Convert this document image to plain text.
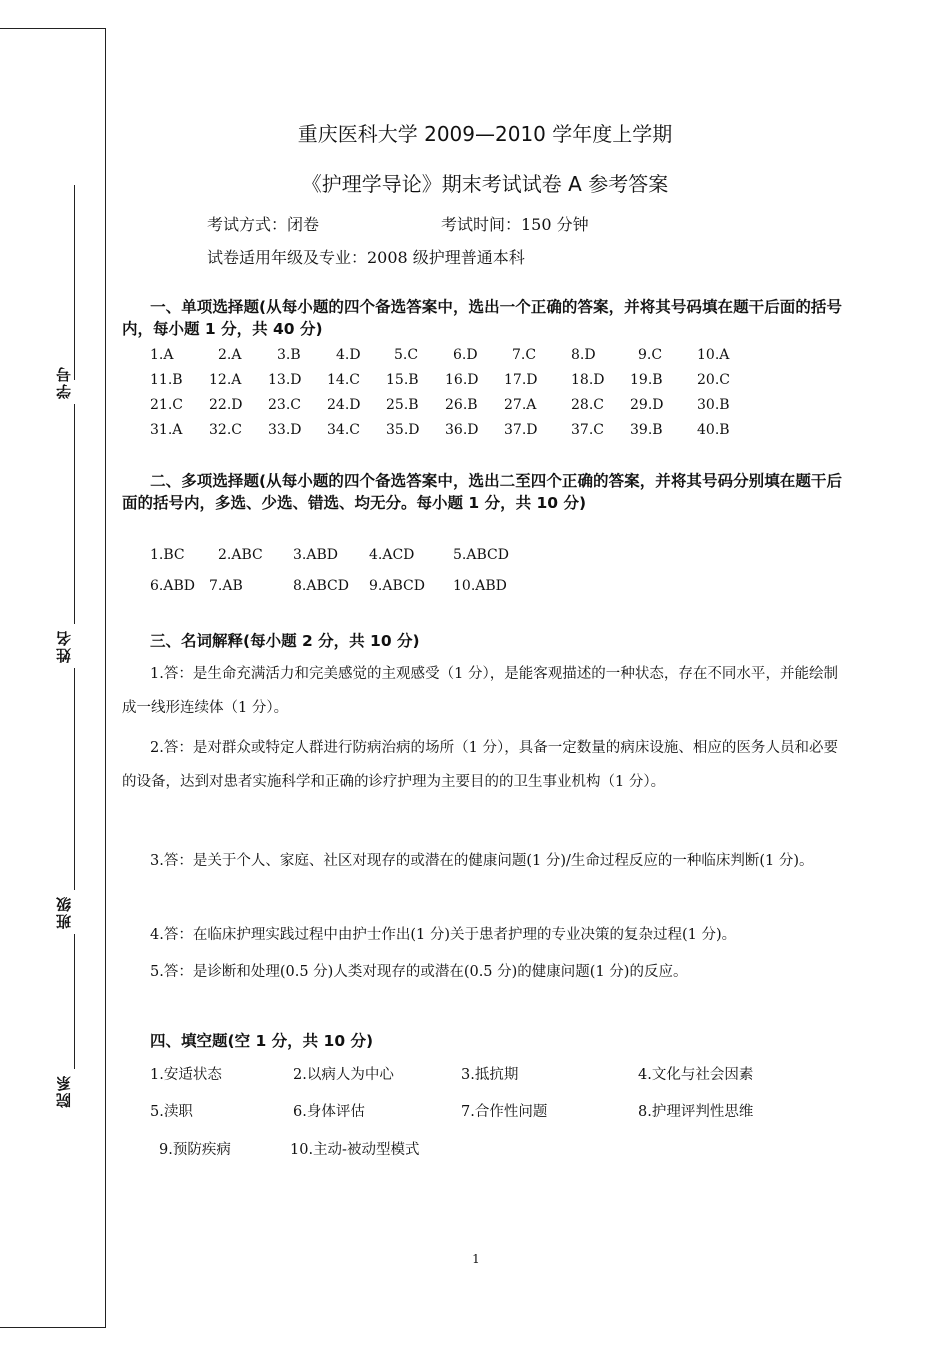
学号
姓名
班级
院系
重庆医科大学 2009—2010 学年度上学期
《护理学导论》期末考试试卷 A 参考答案
考试方式：闭卷	考试时间：150 分钟
试卷适用年级及专业：2008 级护理普通本科
一、单项选择题(从每小题的四个备选答案中，选出一个正确的答案，并将其号码填在题干后面的括号内，每小题 1 分，共 40 分)
1.A	2.A	3.B	4.D 5.C 6.D 7.C 8.D	9.C 10.A
11.B 12.A 13.D 14.C 15.B 16.D 17.D 18.D 19.B 20.C
21.C 22.D 23.C 24.D 25.B 26.B 27.A 28.C 29.D 30.B
31.A 32.C 33.D 34.C 35.D 36.D 37.D 37.C 39.B 40.B
二、多项选择题(从每小题的四个备选答案中，选出二至四个正确的答案，并将其号码分别填在题干后面的括号内，多选、少选、错选、均无分。每小题 1 分，共 10 分)
1.BC 2.ABC 3.ABD 4.ACD	5.ABCD
6.ABD 7.AB	8.ABCD 9.ABCD 10.ABD
三、名词解释(每小题 2 分，共 10 分)
1.答：是生命充满活力和完美感觉的主观感受（1 分），是能客观描述的一种状态，存在不同水平，并能绘制成一线形连续体（1 分）。
2.答：是对群众或特定人群进行防病治病的场所（1 分），具备一定数量的病床设施、相应的医务人员和必要的设备，达到对患者实施科学和正确的诊疗护理为主要目的的卫生事业机构（1 分）。
3.答：是关于个人、家庭、社区对现存的或潜在的健康问题(1 分)/生命过程反应的一种临床判断(1 分)。
4.答：在临床护理实践过程中由护士作出(1 分)关于患者护理的专业决策的复杂过程(1 分)。
5.答：是诊断和处理(0.5 分)人类对现存的或潜在(0.5 分)的健康问题(1 分)的反应。
四、填空题(空 1 分，共 10 分)
1.安适状态	2.以病人为中心	3.抵抗期	4.文化与社会因素
5.渎职	6.身体评估	7.合作性问题	8.护理评判性思维
9.预防疾病	10.主动-被动型模式
1
